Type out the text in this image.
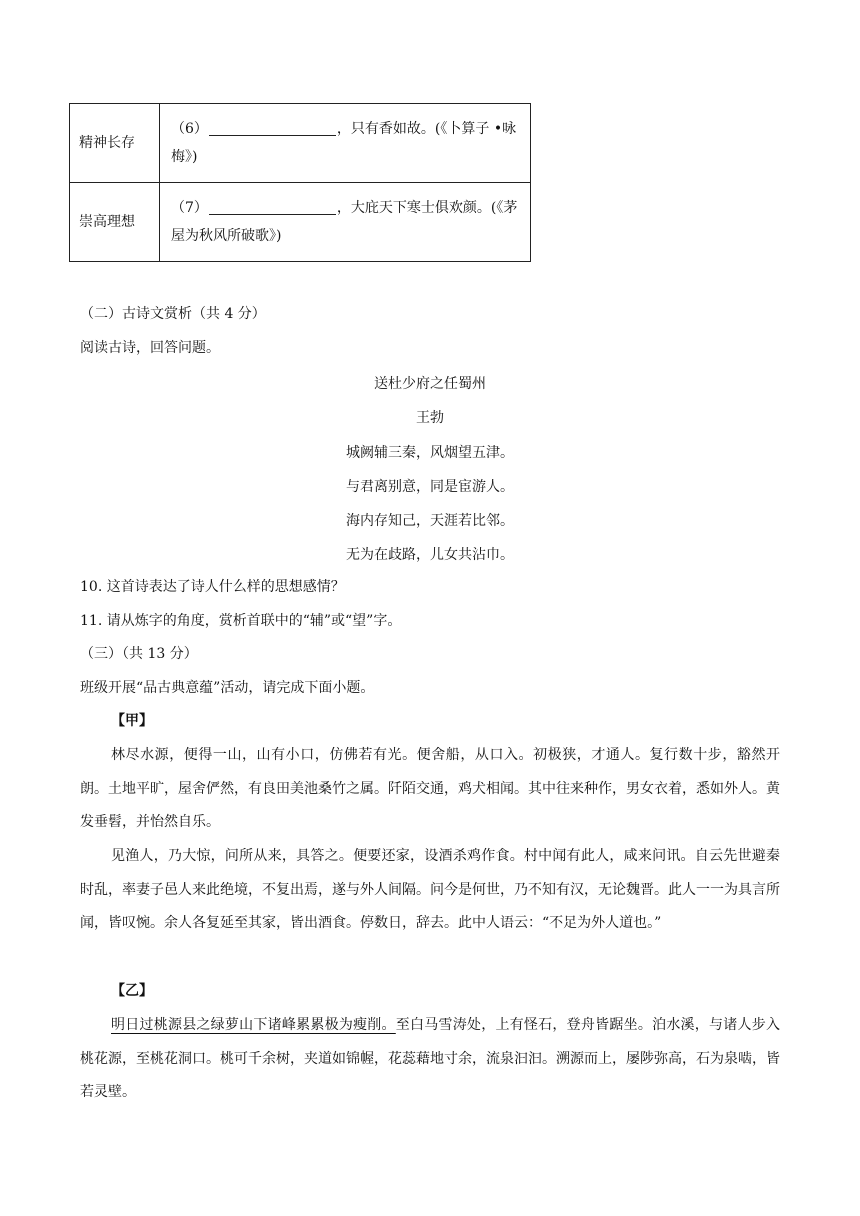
精神长存	（6） ，只有香如故。(《卜算子 •咏梅》)
崇高理想	（7） ，大庇天下寒士俱欢颜。(《茅屋为秋风所破歌》)

（二）古诗文赏析（共 4 分）

阅读古诗，回答问题。

送杜少府之任蜀州

王勃

城阙辅三秦，风烟望五津。

与君离别意，同是宦游人。

海内存知己，天涯若比邻。

无为在歧路，儿女共沾巾。

10. 这首诗表达了诗人什么样的思想感情？

11. 请从炼字的角度，赏析首联中的“辅”或“望”字。

（三）（共 13 分）

班级开展“品古典意蕴”活动，请完成下面小题。

【甲】

林尽水源，便得一山，山有小口，仿佛若有光。便舍船，从口入。初极狭，才通人。复行数十步，豁然开朗。土地平旷，屋舍俨然，有良田美池桑竹之属。阡陌交通，鸡犬相闻。其中往来种作，男女衣着，悉如外人。黄发垂髫，并怡然自乐。

见渔人，乃大惊，问所从来，具答之。便要还家，设酒杀鸡作食。村中闻有此人，咸来问讯。自云先世避秦时乱，率妻子邑人来此绝境，不复出焉，遂与外人间隔。问今是何世，乃不知有汉，无论魏晋。此人一一为具言所闻，皆叹惋。余人各复延至其家，皆出酒食。停数日，辞去。此中人语云：“不足为外人道也。”

【乙】

明日过桃源县之绿萝山下诸峰累累极为瘦削。至白马雪涛处，上有怪石，登舟皆踞坐。泊水溪，与诸人步入桃花源，至桃花洞口。桃可千余树，夹道如锦幄，花蕊藉地寸余，流泉汩汩。溯源而上，屡陟弥高，石为泉啮，皆若灵壁。
